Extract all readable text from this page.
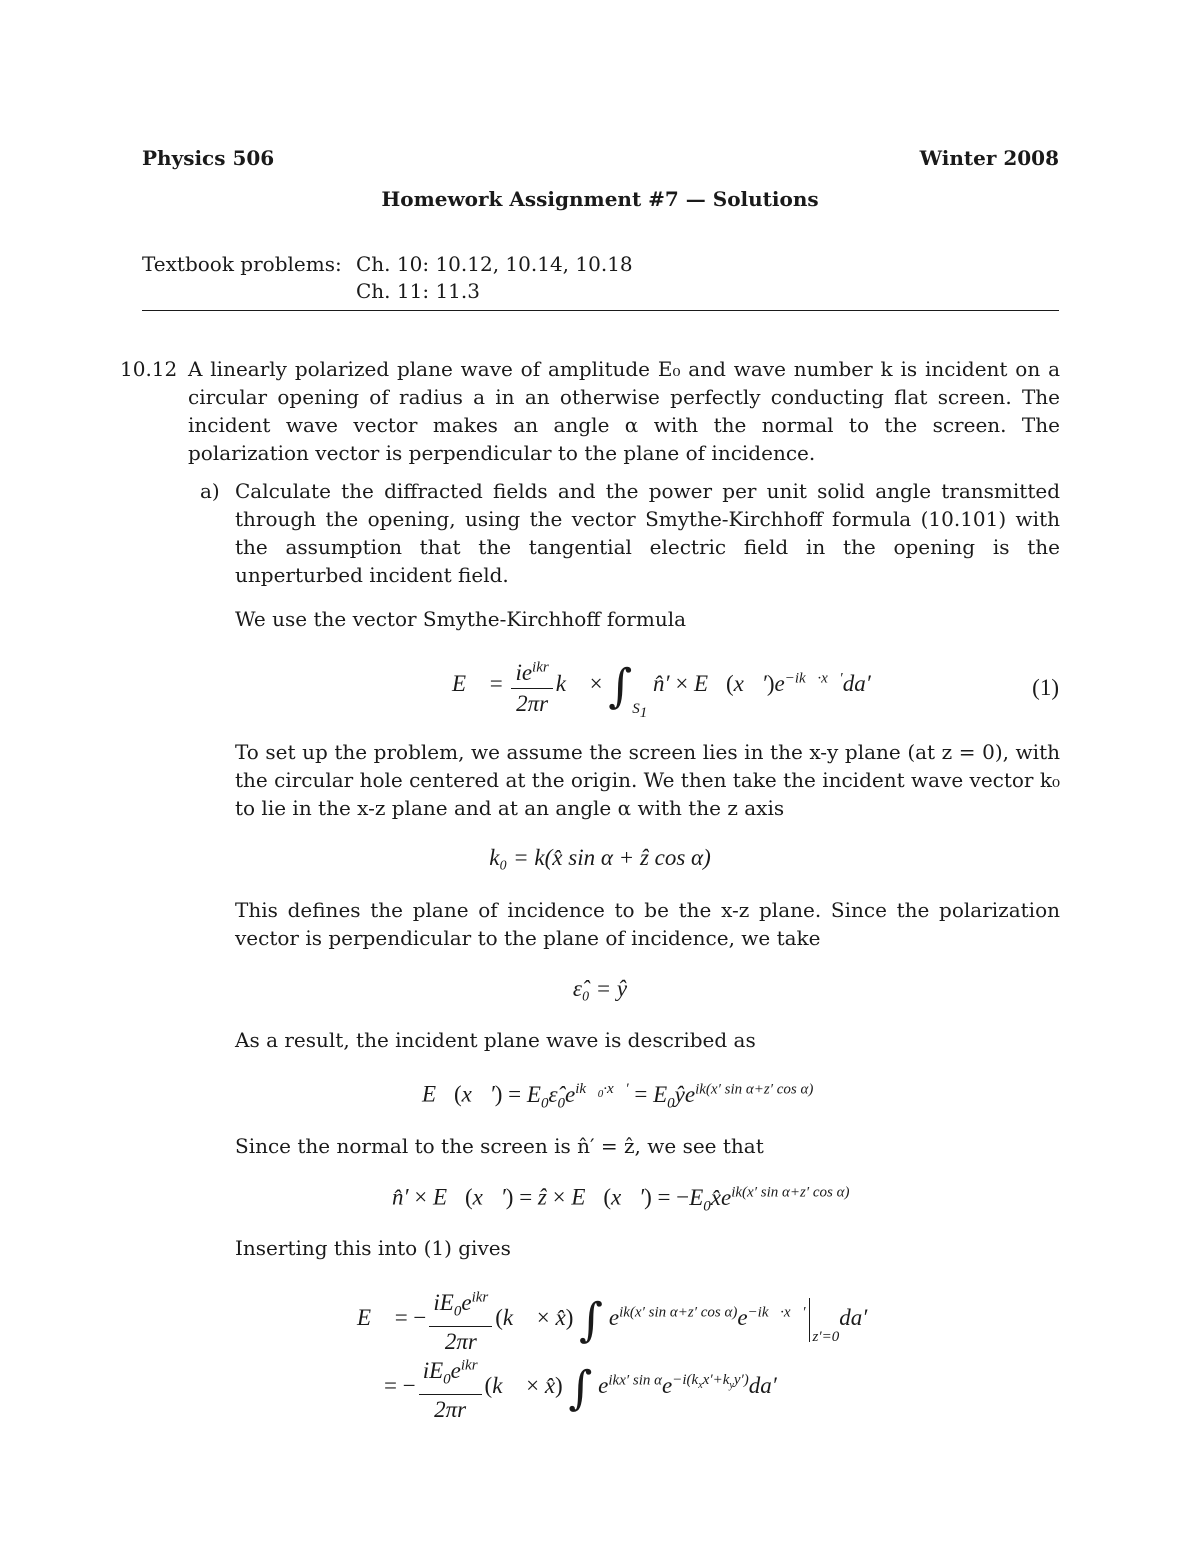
Physics 506	Winter 2008
Homework Assignment #7 — Solutions
Textbook problems: Ch. 10: 10.12, 10.14, 10.18
Ch. 11: 11.3
10.12 A linearly polarized plane wave of amplitude E₀ and wave number k is incident on a circular opening of radius a in an otherwise perfectly conducting flat screen. The incident wave vector makes an angle α with the normal to the screen. The polarization vector is perpendicular to the plane of incidence.
a) Calculate the diffracted fields and the power per unit solid angle transmitted through the opening, using the vector Smythe-Kirchhoff formula (10.101) with the assumption that the tangential electric field in the opening is the unperturbed incident field.
We use the vector Smythe-Kirchhoff formula
E⃗ = $\frac{ie^{ikr}}{2\pi r}$ k⃗ × $\int_{S_1}$ n̂′ × $E⃗(x⃗')e^{-ik⃗\cdot x⃗'}da'$	(1)
To set up the problem, we assume the screen lies in the x-y plane (at z = 0), with the circular hole centered at the origin. We then take the incident wave vector k₀ to lie in the x-z plane and at an angle α with the z axis
k₀ = k(x̂ sin α + ẑ cos α)
This defines the plane of incidence to be the x-z plane. Since the polarization vector is perpendicular to the plane of incidence, we take
ε̂₀ = ŷ
As a result, the incident plane wave is described as
E⃗(x⃗′) = $E_0\varepsilon̂_0e^{ik⃗_0\cdot x⃗'}$ = $E_0ŷe^{ik(x' sin \alpha+z' cos \alpha)}$
Since the normal to the screen is n̂′ = ẑ, we see that
n̂′ × E⃗(x⃗′) = ẑ × E⃗(x⃗′) = $-E_0x̂e^{ik(x' sin \alpha+z' cos \alpha)}$
Inserting this into (1) gives
E⃗ = − $\frac{iE_0e^{ikr}}{2\pi r}$ (k⃗ × x̂) ∫ $e^{ik(x' sin \alpha+z' cos \alpha)}e^{-ik⃗\cdot x⃗'}_{z'=0}da'$
= − $\frac{iE_0e^{ikr}}{2\pi r}$ (k⃗ × x̂) ∫ $e^{ikx' sin \alpha}e^{-i(k_xx'+k_yy')}da'$
